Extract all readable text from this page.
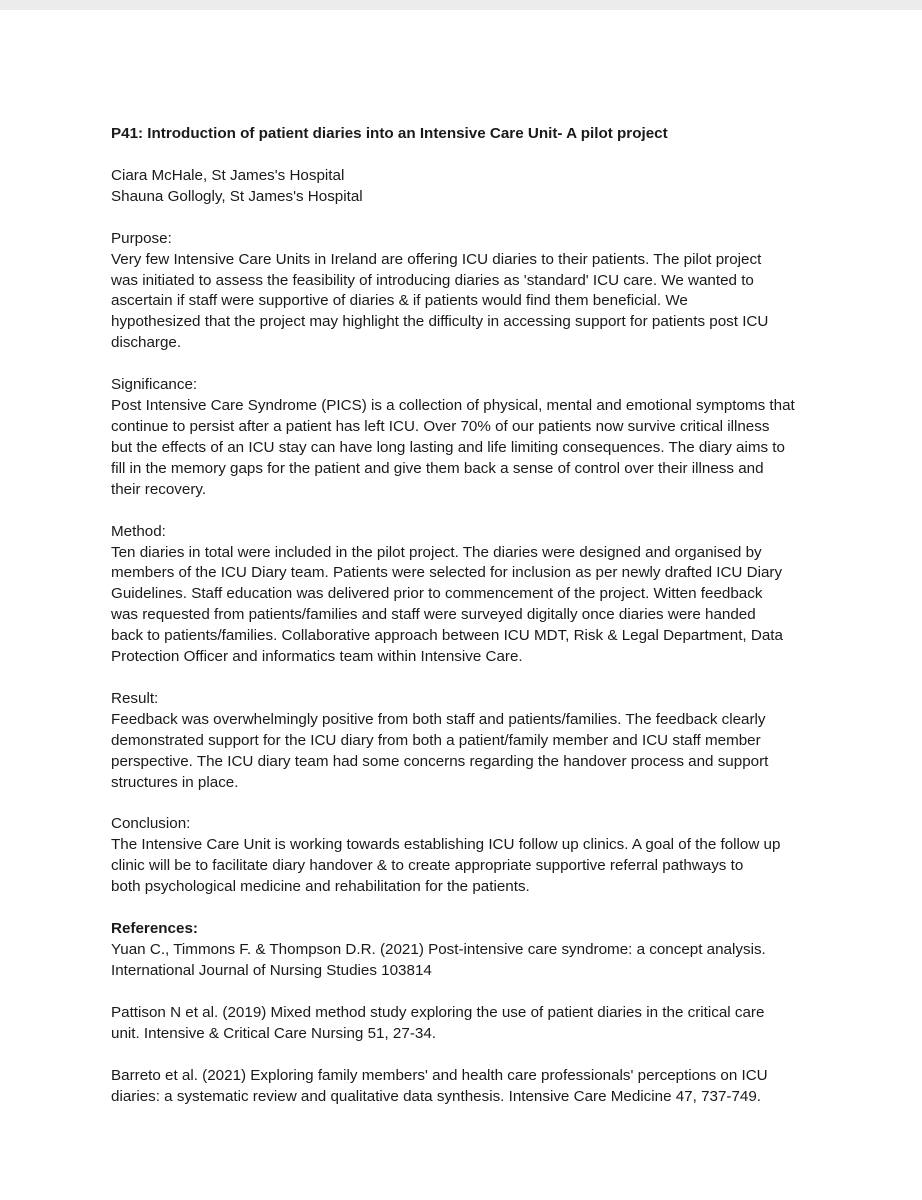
P41: Introduction of patient diaries into an Intensive Care Unit- A pilot project
Ciara McHale, St James's Hospital
Shauna Gollogly, St James's Hospital
Purpose:
Very few Intensive Care Units in Ireland are offering ICU diaries to their patients. The pilot project
was initiated to assess the feasibility of introducing diaries as 'standard' ICU care. We wanted to
ascertain if staff were supportive of diaries & if patients would find them beneficial. We
hypothesized that the project may highlight the difficulty in accessing support for patients post ICU
discharge.
Significance:
Post Intensive Care Syndrome (PICS) is a collection of physical, mental and emotional symptoms that
continue to persist after a patient has left ICU. Over 70% of our patients now survive critical illness
but the effects of an ICU stay can have long lasting and life limiting consequences. The diary aims to
fill in the memory gaps for the patient and give them back a sense of control over their illness and
their recovery.
Method:
Ten diaries in total were included in the pilot project. The diaries were designed and organised by
members of the ICU Diary team. Patients were selected for inclusion as per newly drafted ICU Diary
Guidelines. Staff education was delivered prior to commencement of the project. Witten feedback
was requested from patients/families and staff were surveyed digitally once diaries were handed
back to patients/families. Collaborative approach between ICU MDT, Risk & Legal Department, Data
Protection Officer and informatics team within Intensive Care.
Result:
Feedback was overwhelmingly positive from both staff and patients/families. The feedback clearly
demonstrated support for the ICU diary from both a patient/family member and ICU staff member
perspective. The ICU diary team had some concerns regarding the handover process and support
structures in place.
Conclusion:
The Intensive Care Unit is working towards establishing ICU follow up clinics. A goal of the follow up
clinic will be to facilitate diary handover & to create appropriate supportive referral pathways to
both psychological medicine and rehabilitation for the patients.
References:
Yuan C., Timmons F. & Thompson D.R. (2021) Post-intensive care syndrome: a concept analysis.
International Journal of Nursing Studies 103814
Pattison N et al. (2019) Mixed method study exploring the use of patient diaries in the critical care
unit. Intensive & Critical Care Nursing 51, 27-34.
Barreto et al. (2021) Exploring family members' and health care professionals' perceptions on ICU
diaries: a systematic review and qualitative data synthesis. Intensive Care Medicine 47, 737-749.
